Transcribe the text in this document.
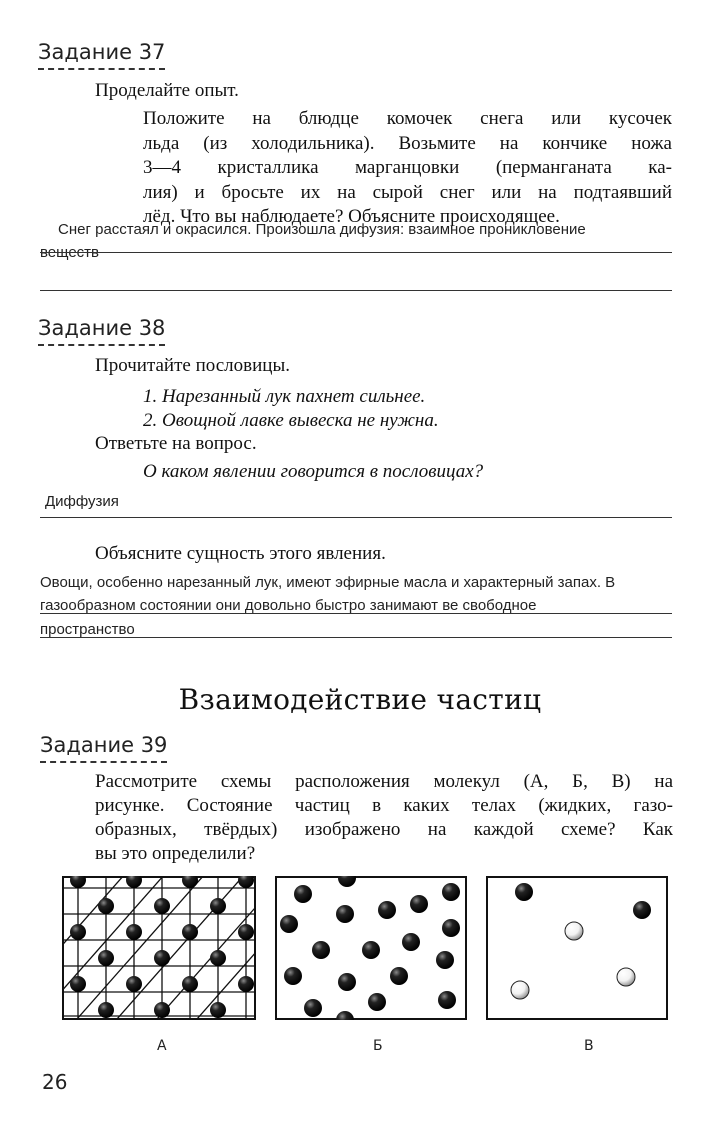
Задание 37
Проделайте опыт.
Положите на блюдце комочек снега или кусочек
льда (из холодильника). Возьмите на кончике ножа
3—4 кристаллика марганцовки (перманганата ка-
лия) и бросьте их на сырой снег или на подтаявший
лёд. Что вы наблюдаете? Объясните происходящее.
Снег расстаял и окрасился. Произошла дифузия: взаимное проникловение
веществ
Задание 38
Прочитайте пословицы.
1. Нарезанный лук пахнет сильнее.
2. Овощной лавке вывеска не нужна.
Ответьте на вопрос.
О каком явлении говорится в пословицах?
Диффузия
Объясните сущность этого явления.
Овощи, особенно нарезанный лук, имеют эфирные масла и характерный запах. В
газообразном состоянии они довольно быстро занимают ве свободное
пространство
Взаимодействие частиц
Задание 39
Рассмотрите схемы расположения молекул (А, Б, В) на
рисунке. Состояние частиц в каких телах (жидких, газо-
образных, твёрдых) изображено на каждой схеме? Как
вы это определили?
А	Б	В
26
